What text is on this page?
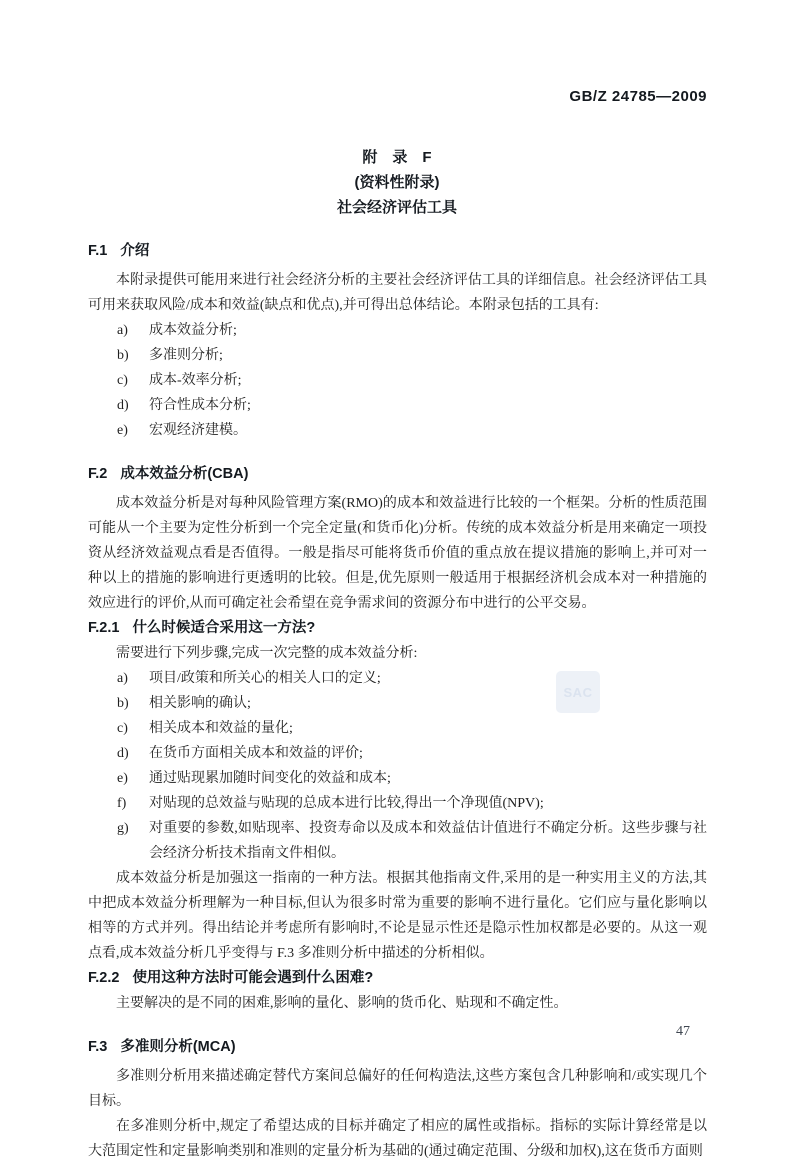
GB/Z 24785—2009
附　录　F
(资料性附录)
社会经济评估工具
F.1 介绍

本附录提供可能用来进行社会经济分析的主要社会经济评估工具的详细信息。社会经济评估工具可用来获取风险/成本和效益(缺点和优点),并可得出总体结论。本附录包括的工具有:

a)	成本效益分析;
b)	多准则分析;
c)	成本-效率分析;
d)	符合性成本分析;
e)	宏观经济建模。
F.2 成本效益分析(CBA)

成本效益分析是对每种风险管理方案(RMO)的成本和效益进行比较的一个框架。分析的性质范围可能从一个主要为定性分析到一个完全定量(和货币化)分析。传统的成本效益分析是用来确定一项投资从经济效益观点看是否值得。一般是指尽可能将货币价值的重点放在提议措施的影响上,并可对一种以上的措施的影响进行更透明的比较。但是,优先原则一般适用于根据经济机会成本对一种措施的效应进行的评价,从而可确定社会希望在竞争需求间的资源分布中进行的公平交易。

F.2.1 什么时候适合采用这一方法?

需要进行下列步骤,完成一次完整的成本效益分析:

a)	项目/政策和所关心的相关人口的定义;
b)	相关影响的确认;
c)	相关成本和效益的量化;
d)	在货币方面相关成本和效益的评价;
e)	通过贴现累加随时间变化的效益和成本;
f)	对贴现的总效益与贴现的总成本进行比较,得出一个净现值(NPV);
g)	对重要的参数,如贴现率、投资寿命以及成本和效益估计值进行不确定分析。这些步骤与社会经济分析技术指南文件相似。

成本效益分析是加强这一指南的一种方法。根据其他指南文件,采用的是一种实用主义的方法,其中把成本效益分析理解为一种目标,但认为很多时常为重要的影响不进行量化。它们应与量化影响以相等的方式并列。得出结论并考虑所有影响时,不论是显示性还是隐示性加权都是必要的。从这一观点看,成本效益分析几乎变得与 F.3 多准则分析中描述的分析相似。

F.2.2 使用这种方法时可能会遇到什么困难?

主要解决的是不同的困难,影响的量化、影响的货币化、贴现和不确定性。

F.3 多准则分析(MCA)

多准则分析用来描述确定替代方案间总偏好的任何构造法,这些方案包含几种影响和/或实现几个目标。

在多准则分析中,规定了希望达成的目标并确定了相应的属性或指标。指标的实际计算经常是以大范围定性和定量影响类别和准则的定量分析为基础的(通过确定范围、分级和加权),这在货币方面则

SAC
47
